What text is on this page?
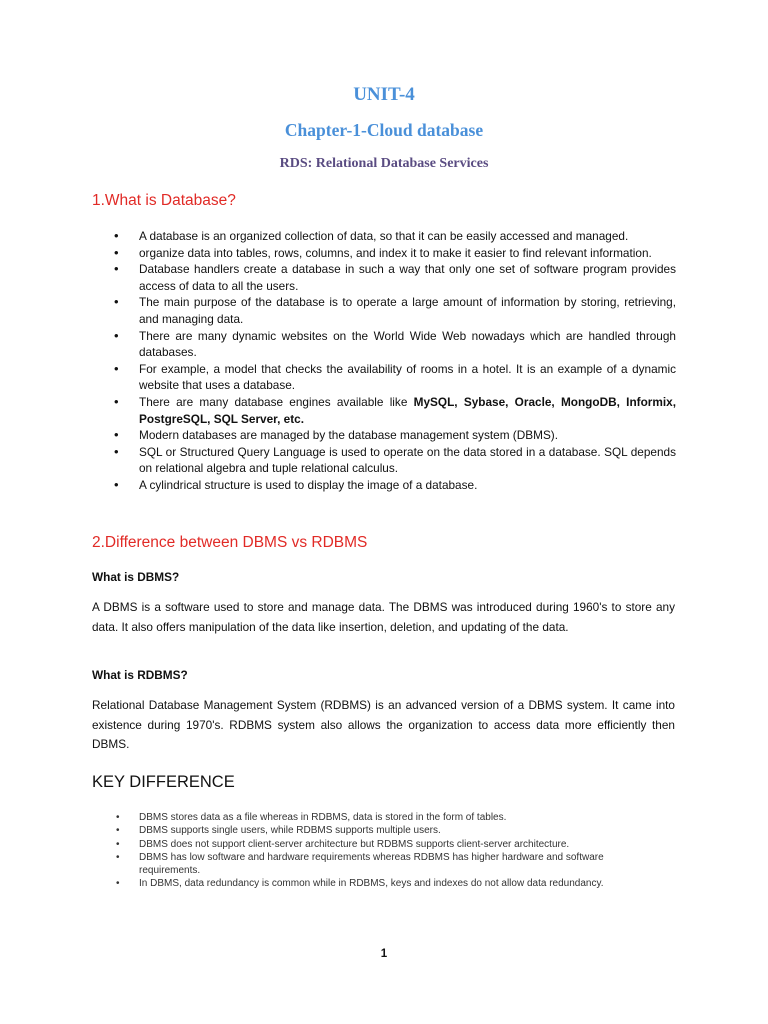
UNIT-4
Chapter-1-Cloud database
RDS: Relational Database Services
1.What is Database?
• A database is an organized collection of data, so that it can be easily accessed and managed.
• organize data into tables, rows, columns, and index it to make it easier to find relevant information.
• Database handlers create a database in such a way that only one set of software program provides access of data to all the users.
• The main purpose of the database is to operate a large amount of information by storing, retrieving, and managing data.
• There are many dynamic websites on the World Wide Web nowadays which are handled through databases.
• For example, a model that checks the availability of rooms in a hotel. It is an example of a dynamic website that uses a database.
• There are many database engines available like MySQL, Sybase, Oracle, MongoDB, Informix, PostgreSQL, SQL Server, etc.
• Modern databases are managed by the database management system (DBMS).
• SQL or Structured Query Language is used to operate on the data stored in a database. SQL depends on relational algebra and tuple relational calculus.
• A cylindrical structure is used to display the image of a database.
2.Difference between DBMS vs RDBMS
What is DBMS?

A DBMS is a software used to store and manage data. The DBMS was introduced during 1960's to store any data. It also offers manipulation of the data like insertion, deletion, and updating of the data.

What is RDBMS?

Relational Database Management System (RDBMS) is an advanced version of a DBMS system. It came into existence during 1970's. RDBMS system also allows the organization to access data more efficiently then DBMS.

KEY DIFFERENCE
• DBMS stores data as a file whereas in RDBMS, data is stored in the form of tables.
• DBMS supports single users, while RDBMS supports multiple users.
• DBMS does not support client-server architecture but RDBMS supports client-server architecture.
• DBMS has low software and hardware requirements whereas RDBMS has higher hardware and software requirements.
• In DBMS, data redundancy is common while in RDBMS, keys and indexes do not allow data redundancy.

1
